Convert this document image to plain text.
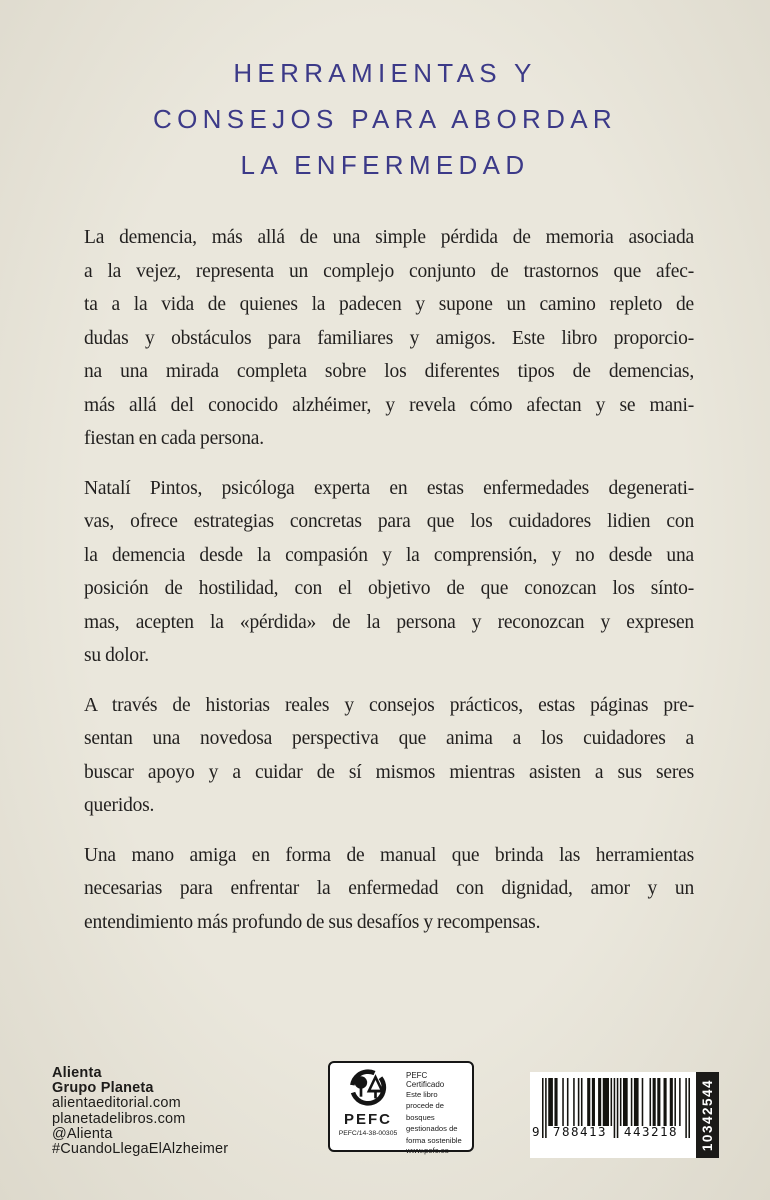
HERRAMIENTAS Y
CONSEJOS PARA ABORDAR
LA ENFERMEDAD
La demencia, más allá de una simple pérdida de memoria asociada
a la vejez, representa un complejo conjunto de trastornos que afec-
ta a la vida de quienes la padecen y supone un camino repleto de
dudas y obstáculos para familiares y amigos. Este libro proporcio-
na una mirada completa sobre los diferentes tipos de demencias,
más allá del conocido alzhéimer, y revela cómo afectan y se mani-
fiestan en cada persona.
Natalí Pintos, psicóloga experta en estas enfermedades degenerati-
vas, ofrece estrategias concretas para que los cuidadores lidien con
la demencia desde la compasión y la comprensión, y no desde una
posición de hostilidad, con el objetivo de que conozcan los sínto-
mas, acepten la «pérdida» de la persona y reconozcan y expresen
su dolor.
A través de historias reales y consejos prácticos, estas páginas pre-
sentan una novedosa perspectiva que anima a los cuidadores a
buscar apoyo y a cuidar de sí mismos mientras asisten a sus seres
queridos.
Una mano amiga en forma de manual que brinda las herramientas
necesarias para enfrentar la enfermedad con dignidad, amor y un
entendimiento más profundo de sus desafíos y recompensas.
Alienta
Grupo Planeta
alientaeditorial.com
planetadelibros.com
@Alienta
#CuandoLlegaElAlzheimer
PEFC
PEFC/14-38-00305
PEFC Certificado
Este libro procede de bosques gestionados de forma sostenible
www.pefc.es
9	788413	443218	10342544
